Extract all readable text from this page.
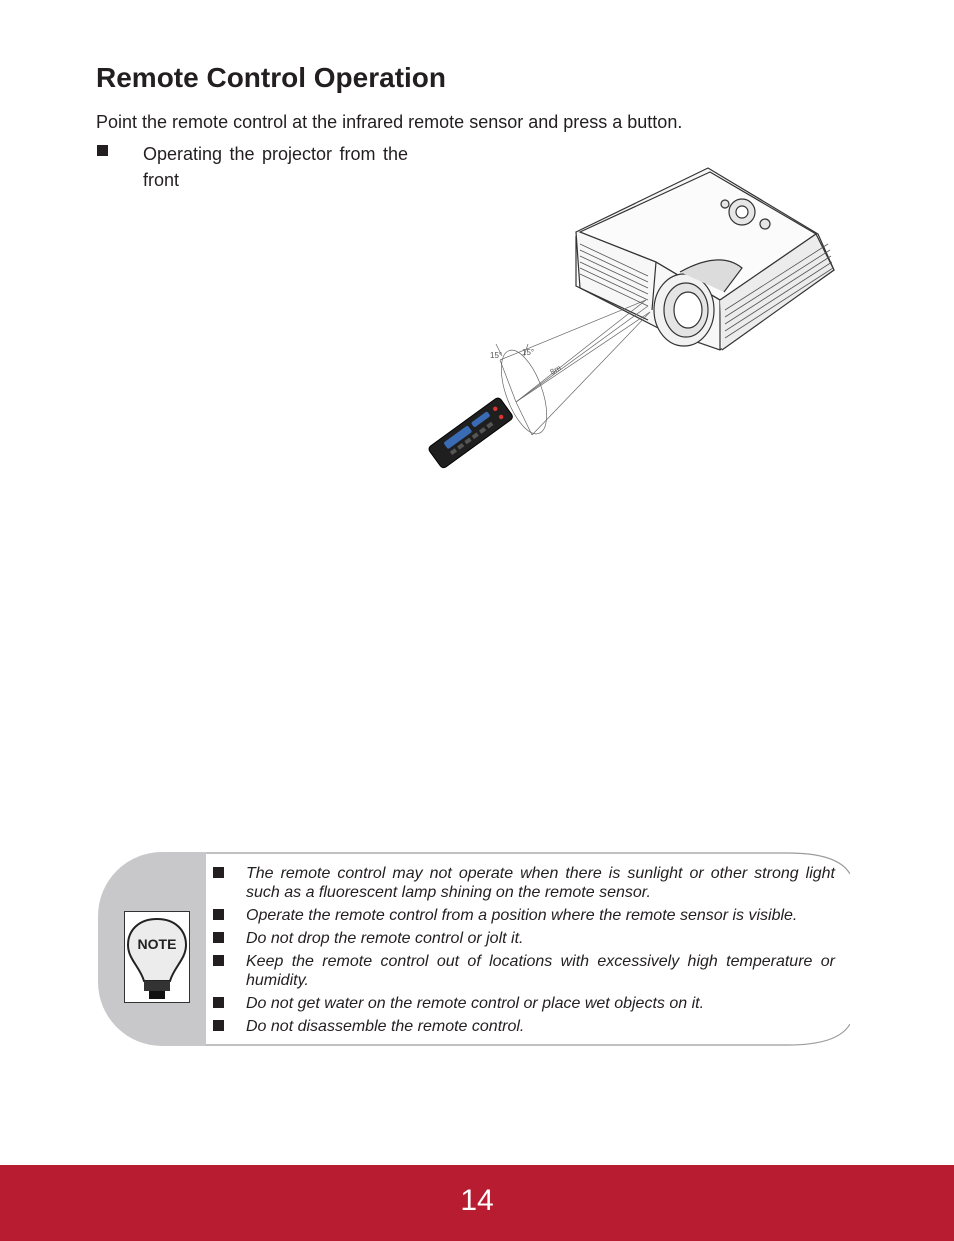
Remote Control Operation

Point the remote control at the infrared remote sensor and press a button.

Operating the projector from the front
15° 15°
8m
NOTE
The remote control may not operate when there is sunlight or other strong light such as a fluorescent lamp shining on the remote sensor.
Operate the remote control from a position where the remote sensor is visible.
Do not drop the remote control or jolt it.
Keep the remote control out of locations with excessively high temperature or humidity.
Do not get water on the remote control or place wet objects on it.
Do not disassemble the remote control.
14
